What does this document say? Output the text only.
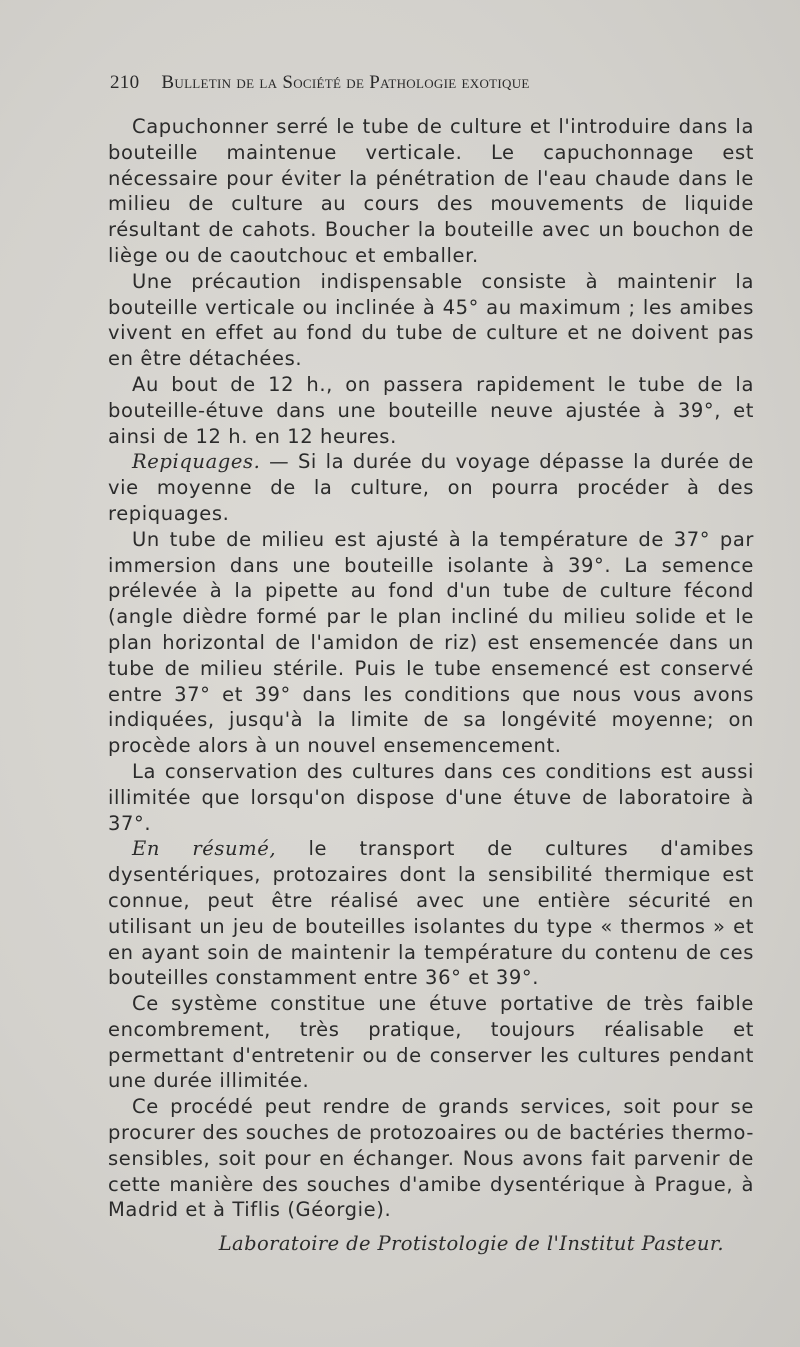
210 Bulletin de la Société de Pathologie exotique

Capuchonner serré le tube de culture et l'introduire dans la bouteille maintenue verticale. Le capuchonnage est nécessaire pour éviter la pénétration de l'eau chaude dans le milieu de culture au cours des mouvements de liquide résultant de cahots. Boucher la bouteille avec un bouchon de liège ou de caoutchouc et emballer.

Une précaution indispensable consiste à maintenir la bouteille verticale ou inclinée à 45° au maximum ; les amibes vivent en effet au fond du tube de culture et ne doivent pas en être détachées.

Au bout de 12 h., on passera rapidement le tube de la bouteille-étuve dans une bouteille neuve ajustée à 39°, et ainsi de 12 h. en 12 heures.

Repiquages. — Si la durée du voyage dépasse la durée de vie moyenne de la culture, on pourra procéder à des repiquages.

Un tube de milieu est ajusté à la température de 37° par immersion dans une bouteille isolante à 39°. La semence prélevée à la pipette au fond d'un tube de culture fécond (angle dièdre formé par le plan incliné du milieu solide et le plan horizontal de l'amidon de riz) est ensemencée dans un tube de milieu stérile. Puis le tube ensemencé est conservé entre 37° et 39° dans les conditions que nous vous avons indiquées, jusqu'à la limite de sa longévité moyenne; on procède alors à un nouvel ensemencement.

La conservation des cultures dans ces conditions est aussi illimitée que lorsqu'on dispose d'une étuve de laboratoire à 37°.

En résumé, le transport de cultures d'amibes dysentériques, protozaires dont la sensibilité thermique est connue, peut être réalisé avec une entière sécurité en utilisant un jeu de bouteilles isolantes du type « thermos » et en ayant soin de maintenir la température du contenu de ces bouteilles constamment entre 36° et 39°.

Ce système constitue une étuve portative de très faible encombrement, très pratique, toujours réalisable et permettant d'entretenir ou de conserver les cultures pendant une durée illimitée.

Ce procédé peut rendre de grands services, soit pour se procurer des souches de protozoaires ou de bactéries thermo-sensibles, soit pour en échanger. Nous avons fait parvenir de cette manière des souches d'amibe dysentérique à Prague, à Madrid et à Tiflis (Géorgie).

Laboratoire de Protistologie de l'Institut Pasteur.
